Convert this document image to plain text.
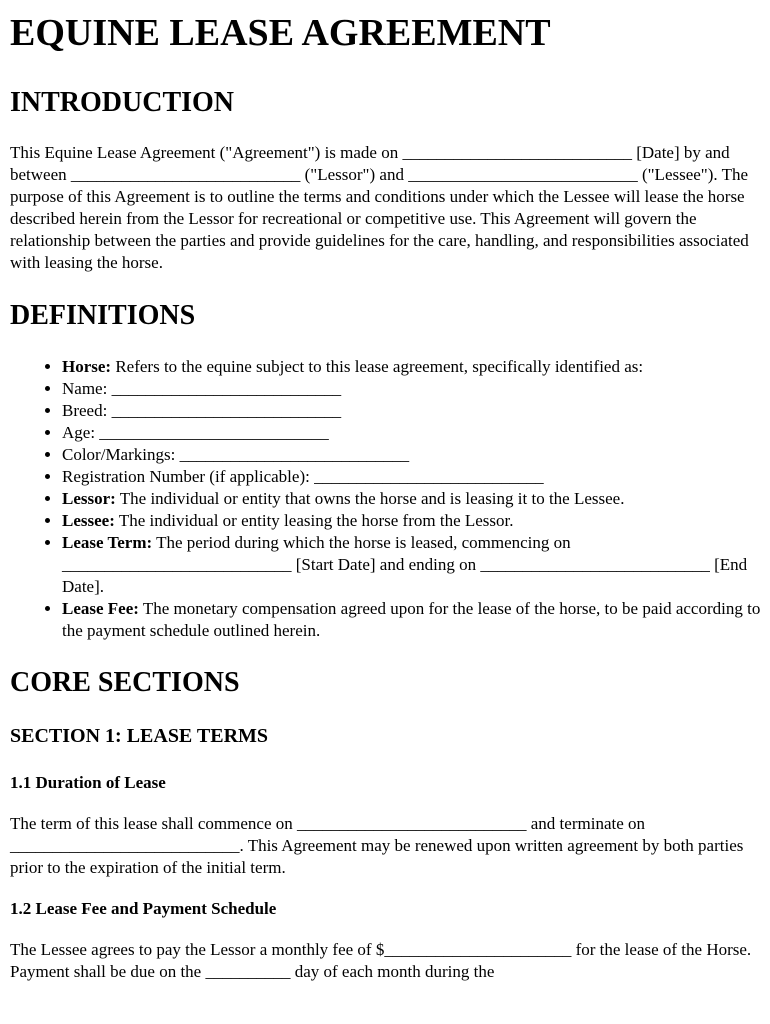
EQUINE LEASE AGREEMENT
INTRODUCTION

This Equine Lease Agreement ("Agreement") is made on ___________________________ [Date] by and between ___________________________ ("Lessor") and ___________________________ ("Lessee"). The purpose of this Agreement is to outline the terms and conditions under which the Lessee will lease the horse described herein from the Lessor for recreational or competitive use. This Agreement will govern the relationship between the parties and provide guidelines for the care, handling, and responsibilities associated with leasing the horse.

DEFINITIONS
• Horse: Refers to the equine subject to this lease agreement, specifically identified as:
• Name: ___________________________
• Breed: ___________________________
• Age: ___________________________
• Color/Markings: ___________________________
• Registration Number (if applicable): ___________________________
• Lessor: The individual or entity that owns the horse and is leasing it to the Lessee.
• Lessee: The individual or entity leasing the horse from the Lessor.
• Lease Term: The period during which the horse is leased, commencing on ___________________________ [Start Date] and ending on ___________________________ [End Date].
• Lease Fee: The monetary compensation agreed upon for the lease of the horse, to be paid according to the payment schedule outlined herein.
CORE SECTIONS
SECTION 1: LEASE TERMS
1.1 Duration of Lease

The term of this lease shall commence on ___________________________ and terminate on ___________________________. This Agreement may be renewed upon written agreement by both parties prior to the expiration of the initial term.

1.2 Lease Fee and Payment Schedule

The Lessee agrees to pay the Lessor a monthly fee of $______________________ for the lease of the Horse. Payment shall be due on the __________ day of each month during the
